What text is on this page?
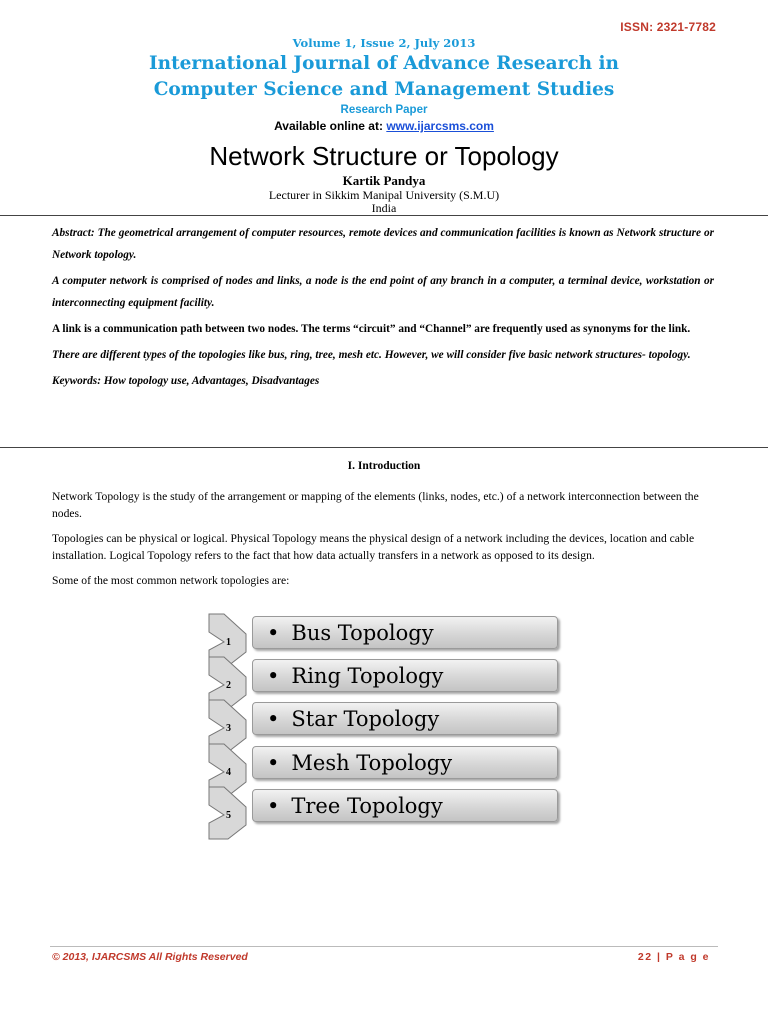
ISSN: 2321-7782
Volume 1, Issue 2, July 2013
International Journal of Advance Research in
Computer Science and Management Studies
Research Paper
Available online at: www.ijarcsms.com
Network Structure or Topology
Kartik Pandya
Lecturer in Sikkim Manipal University (S.M.U)
India

Abstract: The geometrical arrangement of computer resources, remote devices and communication facilities is known as Network structure or Network topology.

A computer network is comprised of nodes and links, a node is the end point of any branch in a computer, a terminal device, workstation or interconnecting equipment facility.

A link is a communication path between two nodes. The terms “circuit” and “Channel” are frequently used as synonyms for the link.

There are different types of the topologies like bus, ring, tree, mesh etc. However, we will consider five basic network structures- topology.

Keywords: How topology use, Advantages, Disadvantages

I. Introduction

Network Topology is the study of the arrangement or mapping of the elements (links, nodes, etc.) of a network interconnection between the nodes.

Topologies can be physical or logical. Physical Topology means the physical design of a network including the devices, location and cable installation. Logical Topology refers to the fact that how data actually transfers in a network as opposed to its design.

Some of the most common network topologies are:

1 • Bus Topology
2 • Ring Topology
3 • Star Topology
4 • Mesh Topology
5 • Tree Topology
© 2013, IJARCSMS All Rights Reserved	22 | P a g e
